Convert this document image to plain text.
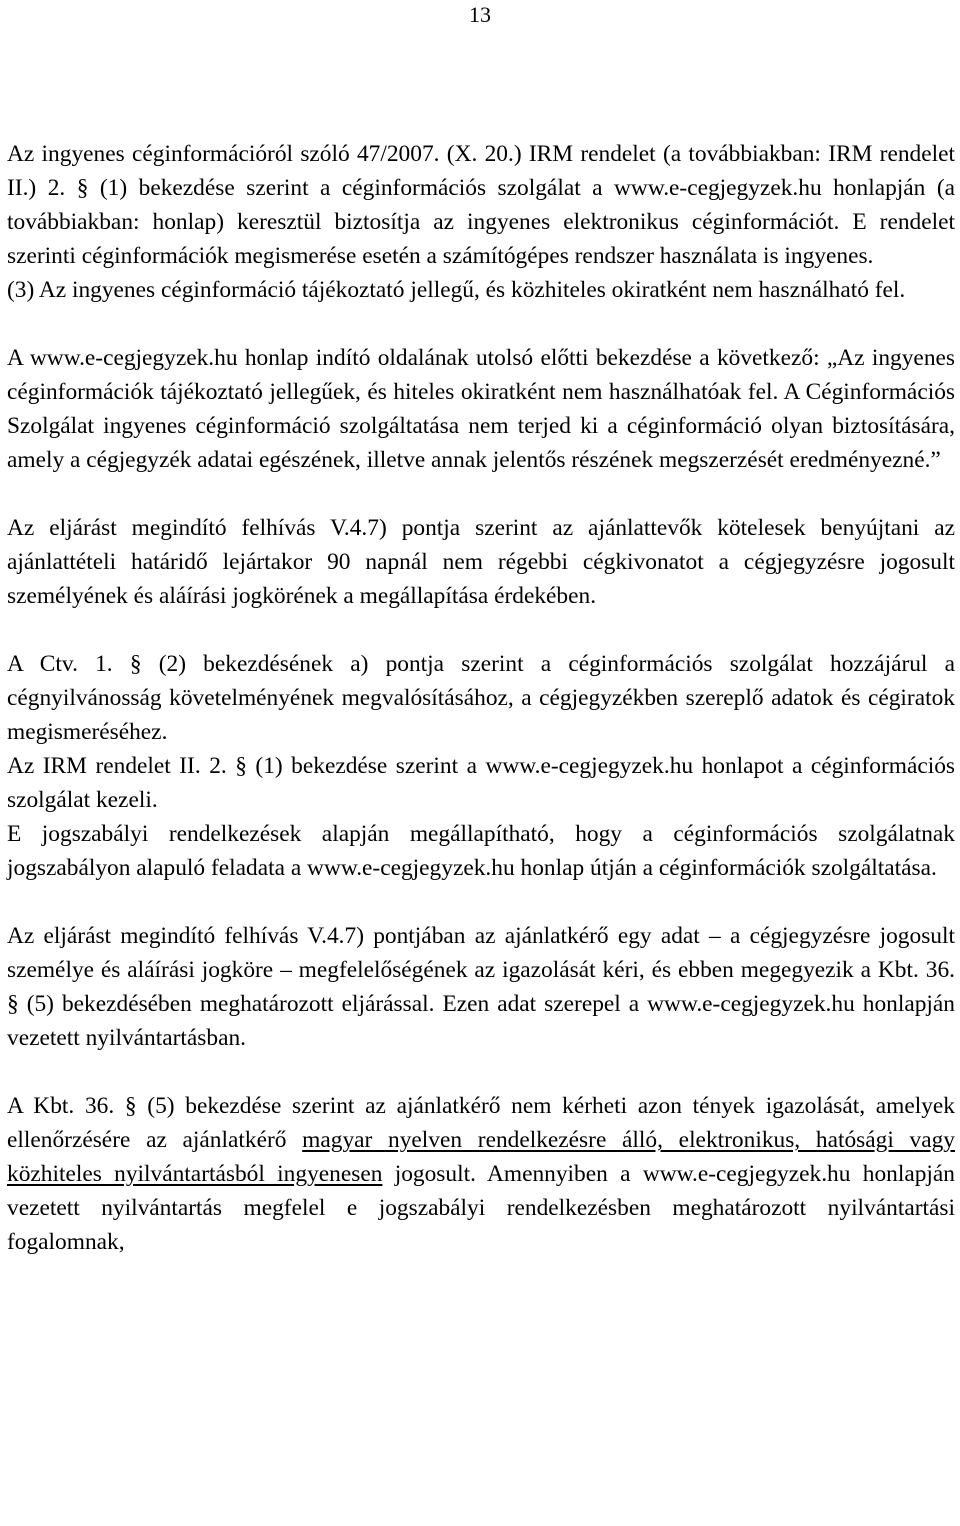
13

Az ingyenes céginformációról szóló 47/2007. (X. 20.) IRM rendelet (a továbbiakban: IRM rendelet II.) 2. § (1) bekezdése szerint a céginformációs szolgálat a www.e-cegjegyzek.hu honlapján (a továbbiakban: honlap) keresztül biztosítja az ingyenes elektronikus céginformációt. E rendelet szerinti céginformációk megismerése esetén a számítógépes rendszer használata is ingyenes.

(3) Az ingyenes céginformáció tájékoztató jellegű, és közhiteles okiratként nem használható fel.

A www.e-cegjegyzek.hu honlap indító oldalának utolsó előtti bekezdése a következő: „Az ingyenes céginformációk tájékoztató jellegűek, és hiteles okiratként nem használhatóak fel. A Céginformációs Szolgálat ingyenes céginformáció szolgáltatása nem terjed ki a céginformáció olyan biztosítására, amely a cégjegyzék adatai egészének, illetve annak jelentős részének megszerzését eredményezné.”

Az eljárást megindító felhívás V.4.7) pontja szerint az ajánlattevők kötelesek benyújtani az ajánlattételi határidő lejártakor 90 napnál nem régebbi cégkivonatot a cégjegyzésre jogosult személyének és aláírási jogkörének a megállapítása érdekében.

A Ctv. 1. § (2) bekezdésének a) pontja szerint a céginformációs szolgálat hozzájárul a cégnyilvánosság követelményének megvalósításához, a cégjegyzékben szereplő adatok és cégiratok megismeréséhez.

Az IRM rendelet II. 2. § (1) bekezdése szerint a www.e-cegjegyzek.hu honlapot a céginformációs szolgálat kezeli.

E jogszabályi rendelkezések alapján megállapítható, hogy a céginformációs szolgálatnak jogszabályon alapuló feladata a www.e-cegjegyzek.hu honlap útján a céginformációk szolgáltatása.

Az eljárást megindító felhívás V.4.7) pontjában az ajánlatkérő egy adat – a cégjegyzésre jogosult személye és aláírási jogköre – megfelelőségének az igazolását kéri, és ebben megegyezik a Kbt. 36. § (5) bekezdésében meghatározott eljárással. Ezen adat szerepel a www.e-cegjegyzek.hu honlapján vezetett nyilvántartásban.

A Kbt. 36. § (5) bekezdése szerint az ajánlatkérő nem kérheti azon tények igazolását, amelyek ellenőrzésére az ajánlatkérő magyar nyelven rendelkezésre álló, elektronikus, hatósági vagy közhiteles nyilvántartásból ingyenesen jogosult. Amennyiben a www.e-cegjegyzek.hu honlapján vezetett nyilvántartás megfelel e jogszabályi rendelkezésben meghatározott nyilvántartási fogalomnak,
